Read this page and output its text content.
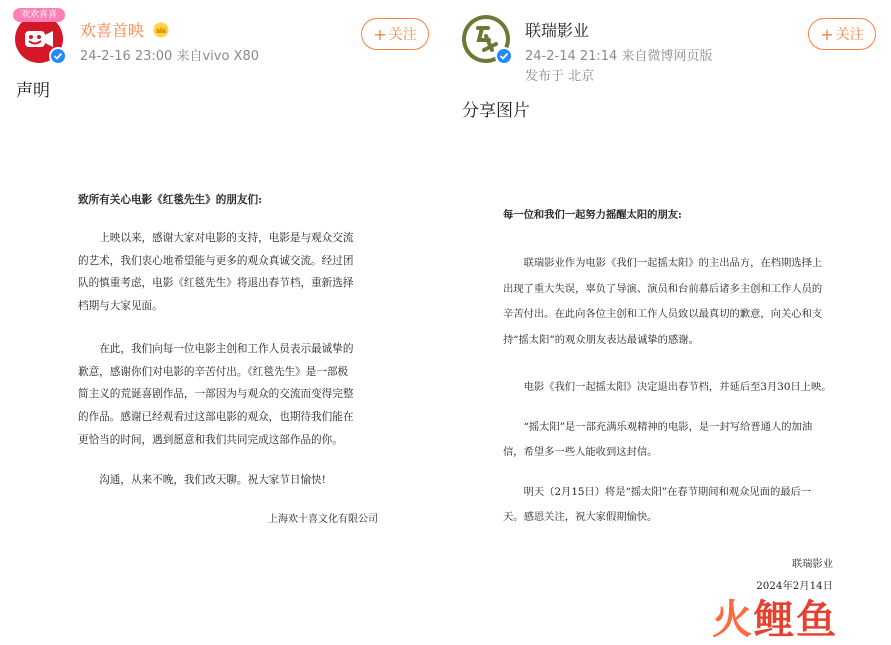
欢欢喜喜
欢喜首映
24-2-16 23:00 来自vivo X80
+ 关注
声明

致所有关心电影《红毯先生》的朋友们:

上映以来，感谢大家对电影的支持，电影是与观众交流

的艺术，我们衷心地希望能与更多的观众真诚交流。经过团

队的慎重考虑，电影《红毯先生》将退出春节档，重新选择

档期与大家见面。

在此，我们向每一位电影主创和工作人员表示最诚挚的

歉意，感谢你们对电影的辛苦付出。《红毯先生》是一部极

简主义的荒诞喜剧作品，一部因为与观众的交流而变得完整

的作品。感谢已经观看过这部电影的观众，也期待我们能在

更恰当的时间，遇到愿意和我们共同完成这部作品的你。

沟通，从来不晚，我们改天聊。祝大家节日愉快!

上海欢十喜文化有限公司

联瑞影业
24-2-14 21:14 来自微博网页版
发布于 北京
+ 关注
分享图片

每一位和我们一起努力摇醒太阳的朋友:

联瑞影业作为电影《我们一起摇太阳》的主出品方，在档期选择上

出现了重大失误，辜负了导演、演员和台前幕后诸多主创和工作人员的

辛苦付出。在此向各位主创和工作人员致以最真切的歉意，向关心和支

持“摇太阳”的观众朋友表达最诚挚的感谢。

电影《我们一起摇太阳》决定退出春节档，并延后至3月30日上映。

“摇太阳”是一部充满乐观精神的电影，是一封写给普通人的加油

信，希望多一些人能收到这封信。

明天（2月15日）将是“摇太阳”在春节期间和观众见面的最后一

天。感恩关注，祝大家假期愉快。

联瑞影业

2024年2月14日

火鲤鱼
